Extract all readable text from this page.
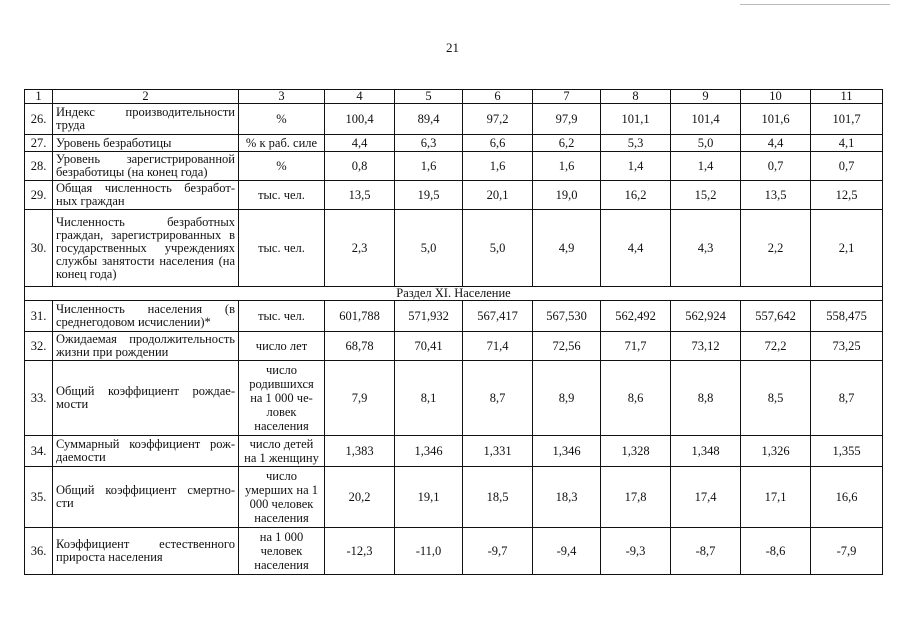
21
1	2	3	4	5	6	7	8	9	10	11
26.	Индекс производительности труда	%	100,4	89,4	97,2	97,9	101,1	101,4	101,6	101,7
27.	Уровень безработицы	% к раб. силе	4,4	6,3	6,6	6,2	5,3	5,0	4,4	4,1
28.	Уровень зарегистрированной безработицы (на конец года)	%	0,8	1,6	1,6	1,6	1,4	1,4	0,7	0,7
29.	Общая численность безработ-ных граждан	тыс. чел.	13,5	19,5	20,1	19,0	16,2	15,2	13,5	12,5
30.	Численность безработных граждан, зарегистрированных в государственных учреждениях службы занятости населения (на конец года)	тыс. чел.	2,3	5,0	5,0	4,9	4,4	4,3	2,2	2,1
Раздел XI. Население										
31.	Численность населения (в среднегодовом исчислении)*	тыс. чел.	601,788	571,932	567,417	567,530	562,492	562,924	557,642	558,475
32.	Ожидаемая продолжительность жизни при рождении	число лет	68,78	70,41	71,4	72,56	71,7	73,12	72,2	73,25
33.	Общий коэффициент рождае-мости	число родившихся на 1 000 че-ловек населения	7,9	8,1	8,7	8,9	8,6	8,8	8,5	8,7
34.	Суммарный коэффициент рож-даемости	число детей на 1 женщину	1,383	1,346	1,331	1,346	1,328	1,348	1,326	1,355
35.	Общий коэффициент смертно-сти	число умерших на 1 000 человек населения	20,2	19,1	18,5	18,3	17,8	17,4	17,1	16,6
36.	Коэффициент естественного прироста населения	на 1 000 человек населения	-12,3	-11,0	-9,7	-9,4	-9,3	-8,7	-8,6	-7,9
